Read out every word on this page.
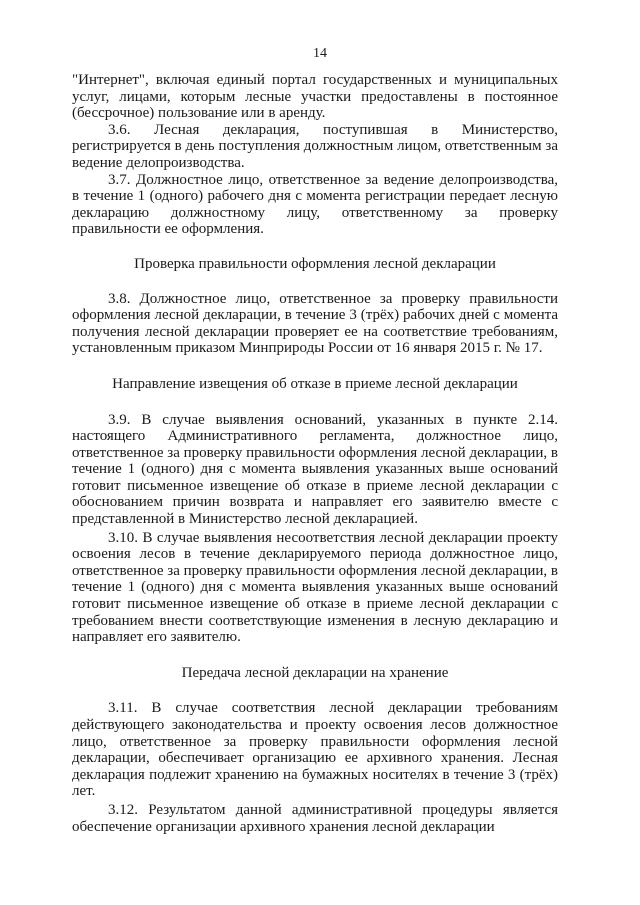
14

"Интернет", включая единый портал государственных и муниципальных услуг, лицами, которым лесные участки предоставлены в постоянное (бессрочное) пользование или в аренду.

3.6. Лесная декларация, поступившая в Министерство, регистрируется в день поступления должностным лицом, ответственным за ведение делопроизводства.

3.7. Должностное лицо, ответственное за ведение делопроизводства, в течение 1 (одного) рабочего дня с момента регистрации передает лесную декларацию должностному лицу, ответственному за проверку правильности ее оформления.

Проверка правильности оформления лесной декларации

3.8. Должностное лицо, ответственное за проверку правильности оформления лесной декларации, в течение 3 (трёх) рабочих дней с момента получения лесной декларации проверяет ее на соответствие требованиям, установленным приказом Минприроды России от 16 января 2015 г. № 17.

Направление извещения об отказе в приеме лесной декларации

3.9. В случае выявления оснований, указанных в пункте 2.14. настоящего Административного регламента, должностное лицо, ответственное за проверку правильности оформления лесной декларации, в течение 1 (одного) дня с момента выявления указанных выше оснований готовит письменное извещение об отказе в приеме лесной декларации с обоснованием причин возврата и направляет его заявителю вместе с представленной в Министерство лесной декларацией.

3.10. В случае выявления несоответствия лесной декларации проекту освоения лесов в течение декларируемого периода должностное лицо, ответственное за проверку правильности оформления лесной декларации, в течение 1 (одного) дня с момента выявления указанных выше оснований готовит письменное извещение об отказе в приеме лесной декларации с требованием внести соответствующие изменения в лесную декларацию и направляет его заявителю.

Передача лесной декларации на хранение

3.11. В случае соответствия лесной декларации требованиям действующего законодательства и проекту освоения лесов должностное лицо, ответственное за проверку правильности оформления лесной декларации, обеспечивает организацию ее архивного хранения. Лесная декларация подлежит хранению на бумажных носителях в течение 3 (трёх) лет.

3.12. Результатом данной административной процедуры является обеспечение организации архивного хранения лесной декларации
